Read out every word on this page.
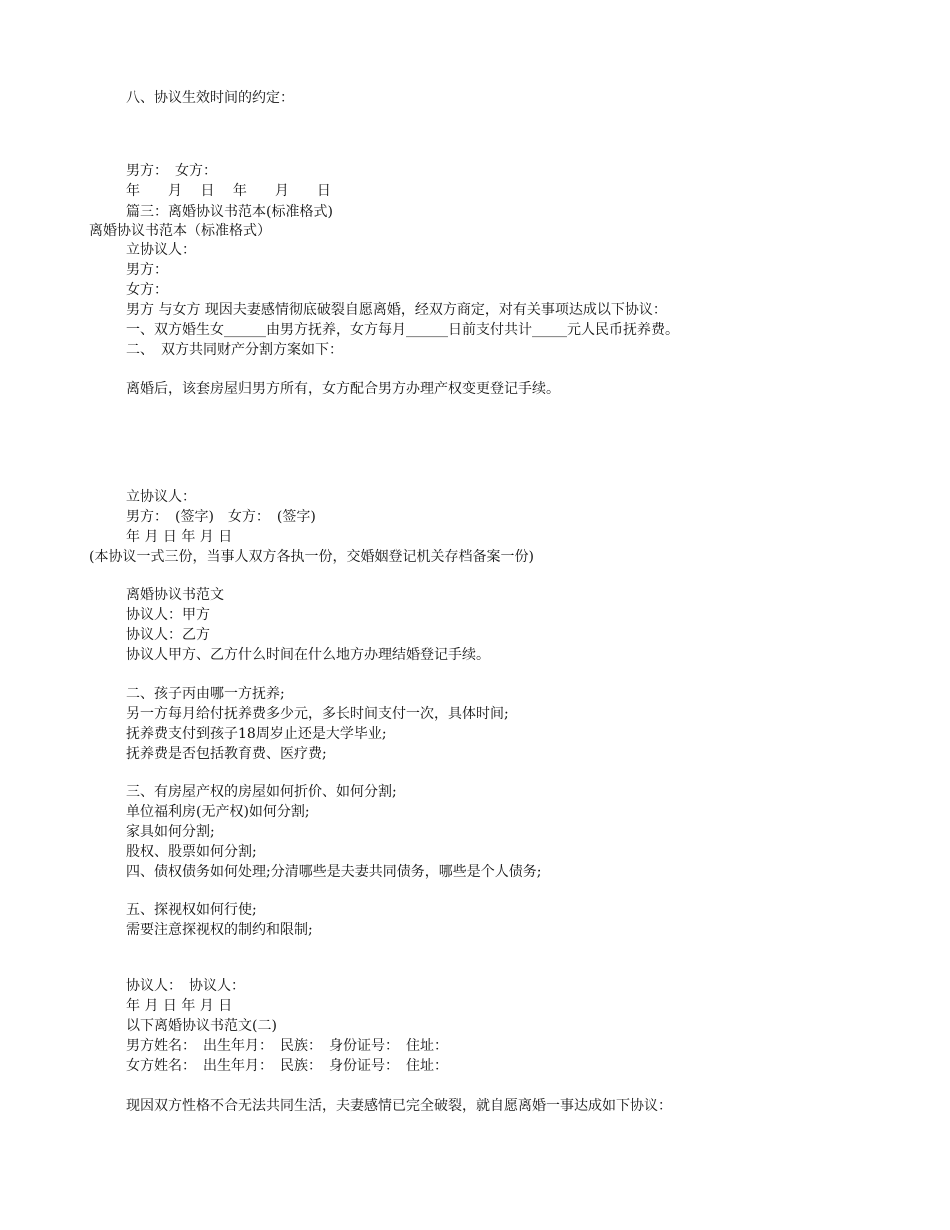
八、协议生效时间的约定：
男方：　女方：
年　　月　 日　 年　　月　　日
篇三：离婚协议书范本(标准格式)
离婚协议书范本（标准格式）
立协议人：
男方：
女方：
男方 与女方 现因夫妻感情彻底破裂自愿离婚，经双方商定，对有关事项达成以下协议：
一、双方婚生女______由男方抚养，女方每月______日前支付共计_____元人民币抚养费。
二、　双方共同财产分割方案如下：
离婚后，该套房屋归男方所有，女方配合男方办理产权变更登记手续。
立协议人：
男方：　(签字)　女方：　(签字)
年 月 日 年 月 日
(本协议一式三份，当事人双方各执一份，交婚姻登记机关存档备案一份)
离婚协议书范文
协议人：甲方
协议人：乙方
协议人甲方、乙方什么时间在什么地方办理结婚登记手续。
二、孩子丙由哪一方抚养;
另一方每月给付抚养费多少元，多长时间支付一次，具体时间;
抚养费支付到孩子18周岁止还是大学毕业;
抚养费是否包括教育费、医疗费;
三、有房屋产权的房屋如何折价、如何分割;
单位福利房(无产权)如何分割;
家具如何分割;
股权、股票如何分割;
四、债权债务如何处理;分清哪些是夫妻共同债务，哪些是个人债务;
五、探视权如何行使;
需要注意探视权的制约和限制;
协议人：　协议人：
年 月 日 年 月 日
以下离婚协议书范文(二)
男方姓名：　出生年月：　民族：　身份证号：　住址：
女方姓名：　出生年月：　民族：　身份证号：　住址：
现因双方性格不合无法共同生活，夫妻感情已完全破裂，就自愿离婚一事达成如下协议：
